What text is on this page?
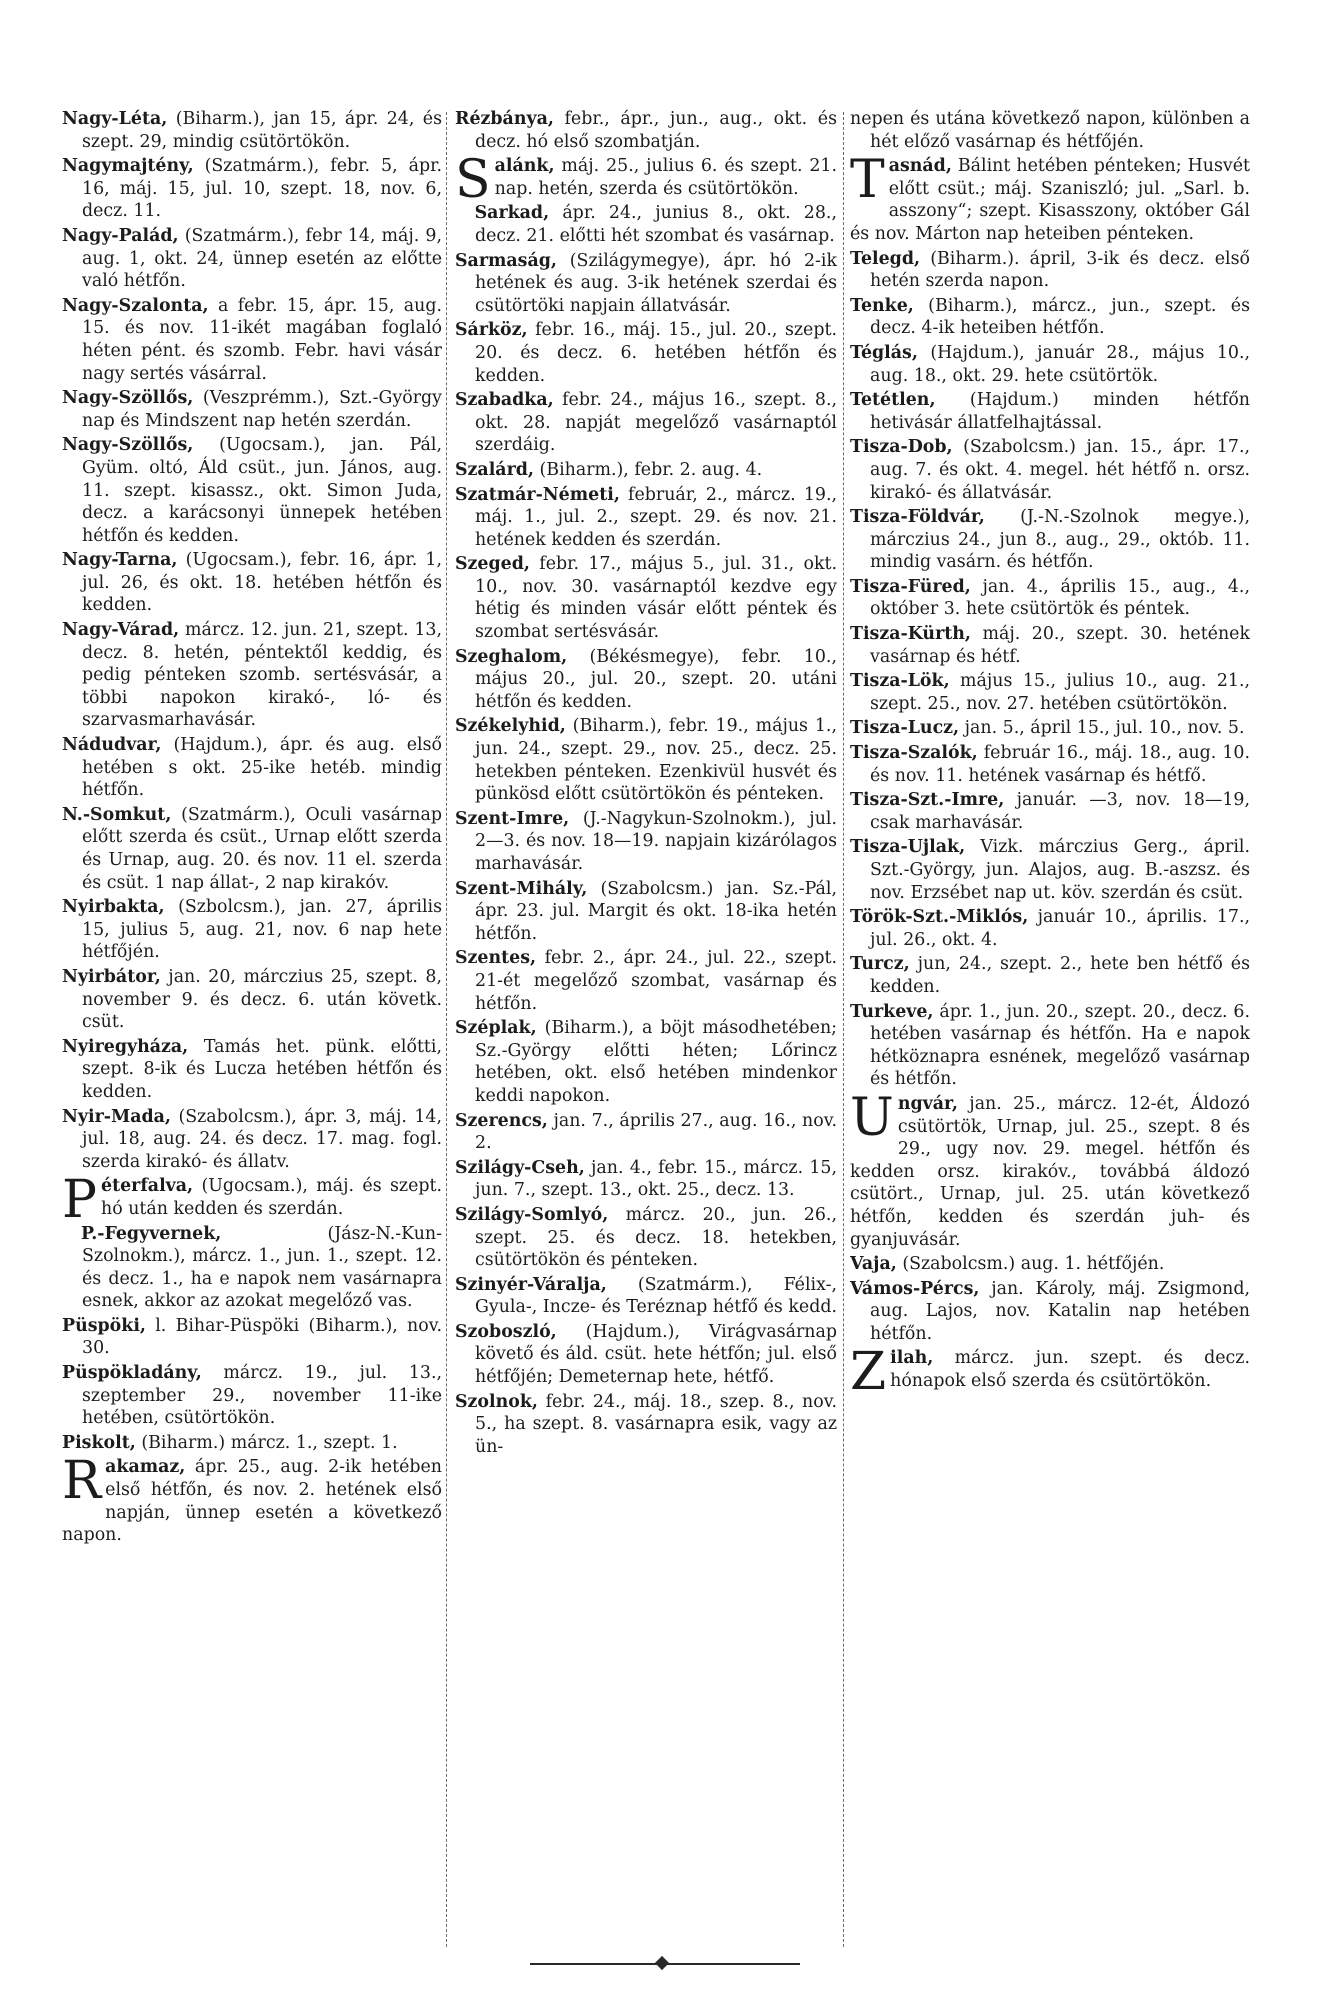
Nagy-Léta, (Biharm.), jan 15, ápr. 24, és szept. 29, mindig csütörtökön.

Nagymajtény, (Szatmárm.), febr. 5, ápr. 16, máj. 15, jul. 10, szept. 18, nov. 6, decz. 11.

Nagy-Palád, (Szatmárm.), febr 14, máj. 9, aug. 1, okt. 24, ünnep esetén az előtte való hétfőn.

Nagy-Szalonta, a febr. 15, ápr. 15, aug. 15. és nov. 11-ikét magában foglaló héten pént. és szomb. Febr. havi vásár nagy sertés vásárral.

Nagy-Szöllős, (Veszprémm.), Szt.-György nap és Mindszent nap hetén szerdán.

Nagy-Szöllős, (Ugocsam.), jan. Pál, Gyüm. oltó, Áld csüt., jun. János, aug. 11. szept. kisassz., okt. Simon Juda, decz. a karácsonyi ünnepek hetében hétfőn és kedden.

Nagy-Tarna, (Ugocsam.), febr. 16, ápr. 1, jul. 26, és okt. 18. hetében hétfőn és kedden.

Nagy-Várad, márcz. 12. jun. 21, szept. 13, decz. 8. hetén, péntektől keddig, és pedig pénteken szomb. sertésvásár, a többi napokon kirakó-, ló- és szarvasmarhavásár.

Nádudvar, (Hajdum.), ápr. és aug. első hetében s okt. 25-ike hetéb. mindig hétfőn.

N.-Somkut, (Szatmárm.), Oculi vasárnap előtt szerda és csüt., Urnap előtt szerda és Urnap, aug. 20. és nov. 11 el. szerda és csüt. 1 nap állat-, 2 nap kirakóv.

Nyirbakta, (Szbolcsm.), jan. 27, április 15, julius 5, aug. 21, nov. 6 nap hete hétfőjén.

Nyirbátor, jan. 20, márczius 25, szept. 8, november 9. és decz. 6. után követk. csüt.

Nyiregyháza, Tamás het. pünk. előtti, szept. 8-ik és Lucza hetében hétfőn és kedden.

Nyir-Mada, (Szabolcsm.), ápr. 3, máj. 14, jul. 18, aug. 24. és decz. 17. mag. fogl. szerda kirakó- és állatv.

Péterfalva, (Ugocsam.), máj. és szept. hó után kedden és szerdán.

P.-Fegyvernek,	(Jász-N.-Kun-Szolnokm.), márcz. 1., jun. 1., szept. 12. és decz. 1., ha e napok nem vasárnapra esnek, akkor az azokat megelőző vas.

Püspöki, l. Bihar-Püspöki (Biharm.), nov. 30.

Püspökladány, márcz. 19., jul. 13., szeptember 29., november 11-ike hetében, csütörtökön.

Piskolt, (Biharm.) márcz. 1., szept. 1.

Rakamaz, ápr. 25., aug. 2-ik hetében első hétfőn, és nov. 2. hetének első napján, ünnep esetén a következő napon.

Rézbánya, febr., ápr., jun., aug., okt. és decz. hó első szombatján.

Salánk, máj. 25., julius 6. és szept. 21. nap. hetén, szerda és csütörtökön.

Sarkad, ápr. 24., junius 8., okt. 28., decz. 21. előtti hét szombat és vasárnap.

Sarmaság, (Szilágymegye), ápr. hó 2-ik hetének és aug. 3-ik hetének szerdai és csütörtöki napjain állatvásár.

Sárköz, febr. 16., máj. 15., jul. 20., szept. 20. és decz. 6. hetében hétfőn és kedden.

Szabadka, febr. 24., május 16., szept. 8., okt. 28. napját megelőző vasárnaptól szerdáig.

Szalárd, (Biharm.), febr. 2. aug. 4.

Szatmár-Németi, február, 2., márcz. 19., máj. 1., jul. 2., szept. 29. és nov. 21. hetének kedden és szerdán.

Szeged, febr. 17., május 5., jul. 31., okt. 10., nov. 30. vasárnaptól kezdve egy hétig és minden vásár előtt péntek és szombat sertésvásár.

Szeghalom, (Békésmegye), febr. 10., május 20., jul. 20., szept. 20. utáni hétfőn és kedden.

Székelyhid, (Biharm.), febr. 19., május 1., jun. 24., szept. 29., nov. 25., decz. 25. hetekben pénteken. Ezenkivül husvét és pünkösd előtt csütörtökön és pénteken.

Szent-Imre, (J.-Nagykun-Szolnokm.), jul. 2—3. és nov. 18—19. napjain kizárólagos marhavásár.

Szent-Mihály, (Szabolcsm.) jan. Sz.-Pál, ápr. 23. jul. Margit és okt. 18-ika hetén hétfőn.

Szentes, febr. 2., ápr. 24., jul. 22., szept. 21-ét megelőző szombat, vasárnap és hétfőn.

Széplak, (Biharm.), a böjt másodhetében; Sz.-György előtti héten; Lőrincz hetében, okt. első hetében mindenkor keddi napokon.

Szerencs, jan. 7., április 27., aug. 16., nov. 2.

Szilágy-Cseh, jan. 4., febr. 15., márcz. 15, jun. 7., szept. 13., okt. 25., decz. 13.

Szilágy-Somlyó, márcz. 20., jun. 26., szept. 25. és decz. 18. hetekben, csütörtökön és pénteken.

Szinyér-Váralja, (Szatmárm.), Félix-, Gyula-, Incze- és Teréznap hétfő és kedd.

Szoboszló, (Hajdum.), Virágvasárnap követő és áld. csüt. hete hétfőn; jul. első hétfőjén; Demeternap hete, hétfő.

Szolnok, febr. 24., máj. 18., szep. 8., nov. 5., ha szept. 8. vasárnapra esik, vagy az ün-

nepen és utána következő napon, különben a hét előző vasárnap és hétfőjén.

Tasnád, Bálint hetében pénteken; Husvét előtt csüt.; máj. Szaniszló; jul. „Sarl. b. asszony“; szept. Kisasszony, október Gál és nov. Márton nap heteiben pénteken.

Telegd, (Biharm.). ápril, 3-ik és decz. első hetén szerda napon.

Tenke, (Biharm.), márcz., jun., szept. és decz. 4-ik heteiben hétfőn.

Téglás, (Hajdum.), január 28., május 10., aug. 18., okt. 29. hete csütörtök.

Tetétlen, (Hajdum.) minden hétfőn hetivásár állatfelhajtással.

Tisza-Dob, (Szabolcsm.) jan. 15., ápr. 17., aug. 7. és okt. 4. megel. hét hétfő n. orsz. kirakó- és állatvásár.

Tisza-Földvár, (J.-N.-Szolnok megye.), márczius 24., jun 8., aug., 29., októb. 11. mindig vasárn. és hétfőn.

Tisza-Füred, jan. 4., április 15., aug., 4., október 3. hete csütörtök és péntek.

Tisza-Kürth, máj. 20., szept. 30. hetének vasárnap és hétf.

Tisza-Lök, május 15., julius 10., aug. 21., szept. 25., nov. 27. hetében csütörtökön.

Tisza-Lucz, jan. 5., ápril 15., jul. 10., nov. 5.

Tisza-Szalók, február 16., máj. 18., aug. 10. és nov. 11. hetének vasárnap és hétfő.

Tisza-Szt.-Imre, január. —3, nov. 18—19, csak marhavásár.

Tisza-Ujlak, Vizk. márczius Gerg., ápril. Szt.-György, jun. Alajos, aug. B.-aszsz. és nov. Erzsébet nap ut. köv. szerdán és csüt.

Török-Szt.-Miklós, január 10., április. 17., jul. 26., okt. 4.

Turcz, jun, 24., szept. 2., hete ben hétfő és kedden.

Turkeve, ápr. 1., jun. 20., szept. 20., decz. 6. hetében vasárnap és hétfőn. Ha e napok hétköznapra esnének, megelőző vasárnap és hétfőn.

Ungvár, jan. 25., márcz. 12-ét, Áldozó csütörtök, Urnap, jul. 25., szept. 8 és 29., ugy nov. 29. megel. hétfőn és kedden orsz. kirakóv., továbbá áldozó csütört., Urnap, jul. 25. után következő hétfőn, kedden és szerdán juh- és gyanjuvásár.

Vaja, (Szabolcsm.) aug. 1. hétfőjén.

Vámos-Pércs, jan. Károly, máj. Zsigmond, aug. Lajos, nov. Katalin nap hetében hétfőn.

Zilah, márcz. jun. szept. és decz. hónapok első szerda és csütörtökön.
